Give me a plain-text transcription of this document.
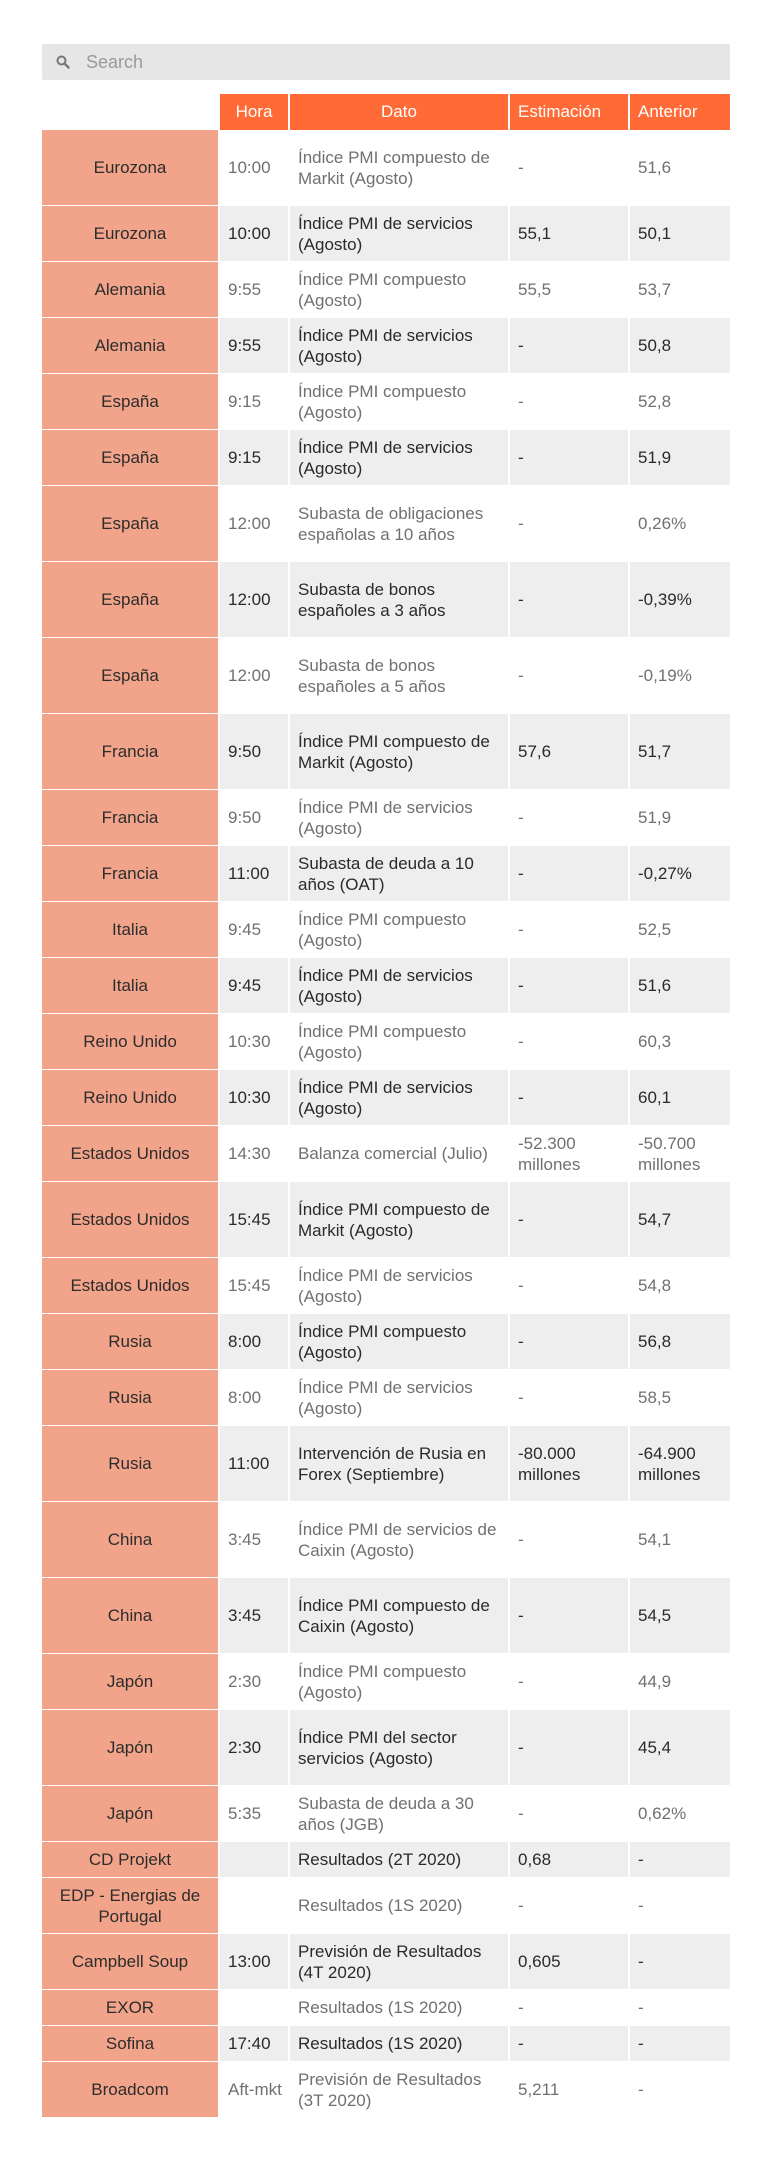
Search
	Hora	Dato	Estimación	Anterior
Eurozona	10:00	Índice PMI compuesto de Markit (Agosto)	-	51,6
Eurozona	10:00	Índice PMI de servicios (Agosto)	55,1	50,1
Alemania	9:55	Índice PMI compuesto (Agosto)	55,5	53,7
Alemania	9:55	Índice PMI de servicios (Agosto)	-	50,8
España	9:15	Índice PMI compuesto (Agosto)	-	52,8
España	9:15	Índice PMI de servicios (Agosto)	-	51,9
España	12:00	Subasta de obligaciones españolas a 10 años	-	0,26%
España	12:00	Subasta de bonos españoles a 3 años	-	-0,39%
España	12:00	Subasta de bonos españoles a 5 años	-	-0,19%
Francia	9:50	Índice PMI compuesto de Markit (Agosto)	57,6	51,7
Francia	9:50	Índice PMI de servicios (Agosto)	-	51,9
Francia	11:00	Subasta de deuda a 10 años (OAT)	-	-0,27%
Italia	9:45	Índice PMI compuesto (Agosto)	-	52,5
Italia	9:45	Índice PMI de servicios (Agosto)	-	51,6
Reino Unido	10:30	Índice PMI compuesto (Agosto)	-	60,3
Reino Unido	10:30	Índice PMI de servicios (Agosto)	-	60,1
Estados Unidos	14:30	Balanza comercial (Julio)	-52.300 millones	-50.700 millones
Estados Unidos	15:45	Índice PMI compuesto de Markit (Agosto)	-	54,7
Estados Unidos	15:45	Índice PMI de servicios (Agosto)	-	54,8
Rusia	8:00	Índice PMI compuesto (Agosto)	-	56,8
Rusia	8:00	Índice PMI de servicios (Agosto)	-	58,5
Rusia	11:00	Intervención de Rusia en Forex (Septiembre)	-80.000 millones	-64.900 millones
China	3:45	Índice PMI de servicios de Caixin (Agosto)	-	54,1
China	3:45	Índice PMI compuesto de Caixin (Agosto)	-	54,5
Japón	2:30	Índice PMI compuesto (Agosto)	-	44,9
Japón	2:30	Índice PMI del sector servicios (Agosto)	-	45,4
Japón	5:35	Subasta de deuda a 30 años (JGB)	-	0,62%
CD Projekt		Resultados (2T 2020)	0,68	-
EDP - Energias de Portugal		Resultados (1S 2020)	-	-
Campbell Soup	13:00	Previsión de Resultados (4T 2020)	0,605	-
EXOR		Resultados (1S 2020)	-	-
Sofina	17:40	Resultados (1S 2020)	-	-
Broadcom	Aft-mkt	Previsión de Resultados (3T 2020)	5,211	-
